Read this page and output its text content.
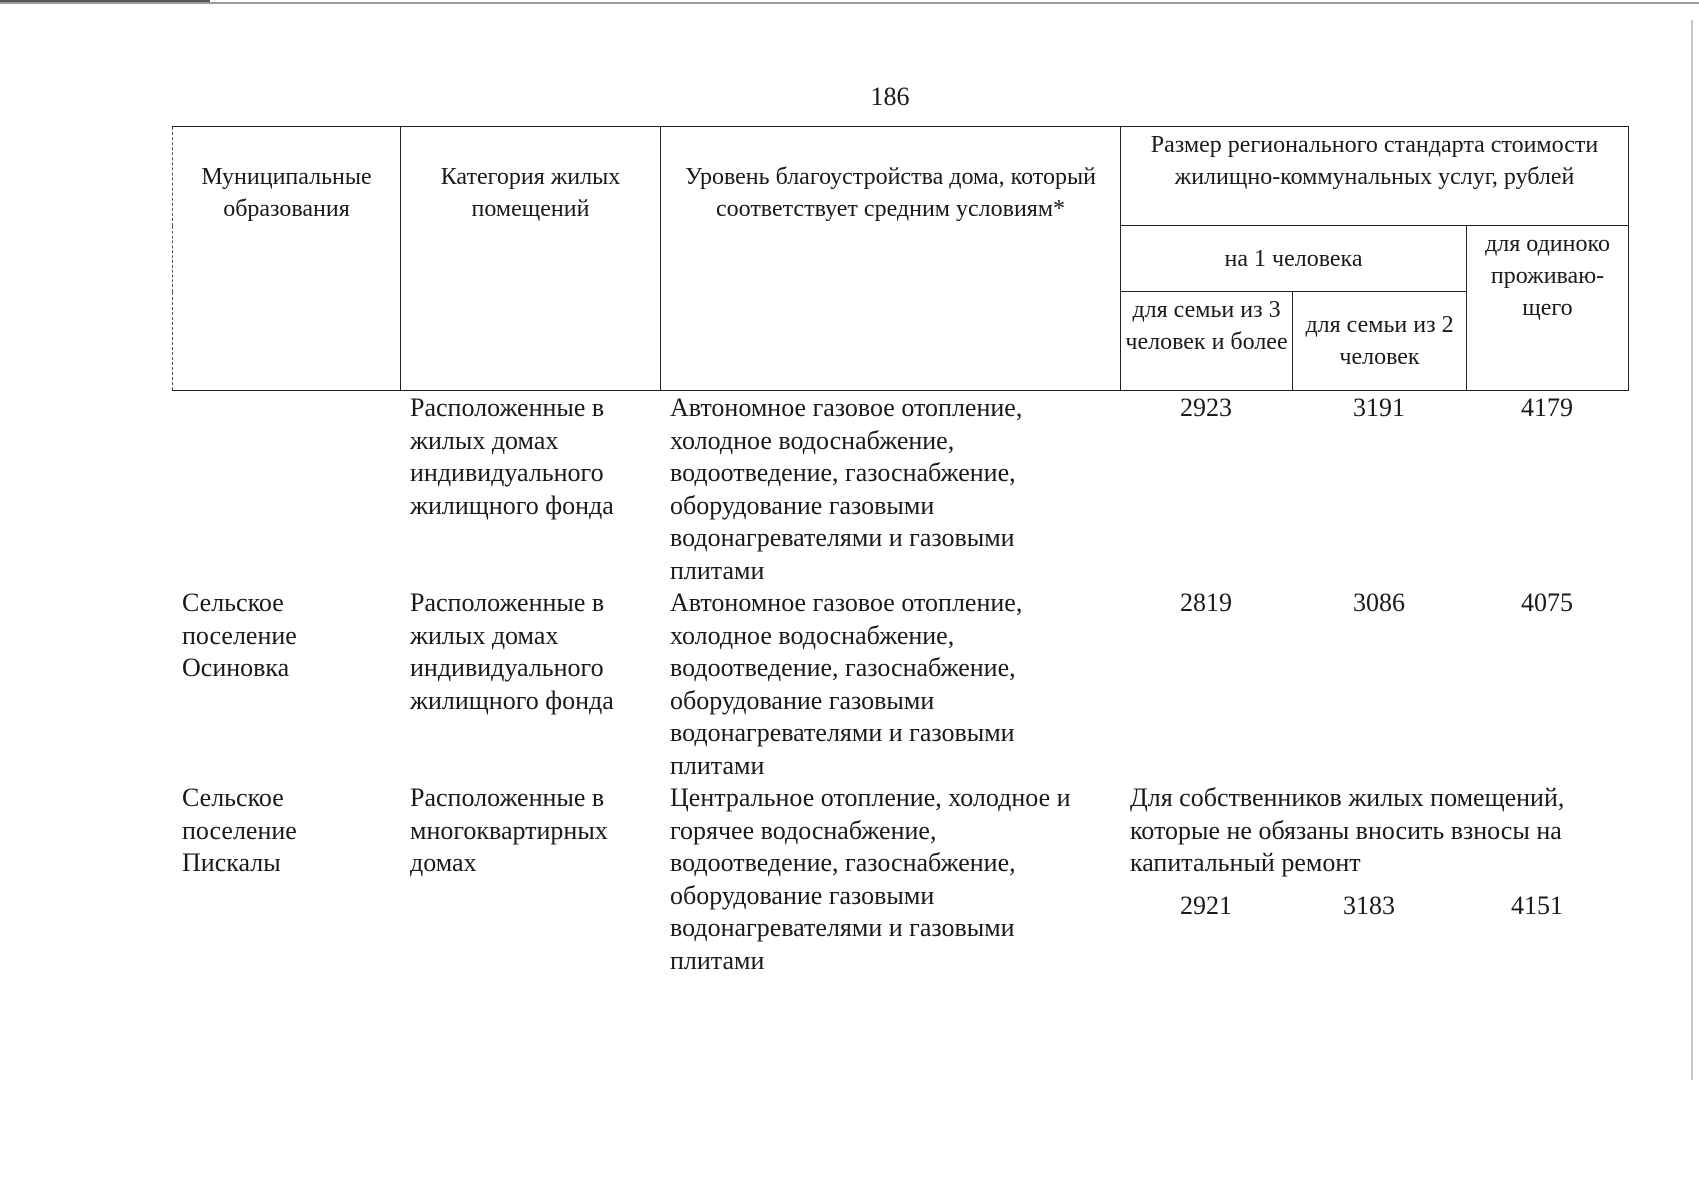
186
Муниципальные образования	Категория жилых помещений	Уровень благоустройства дома, который соответствует средним условиям*	Размер регионального стандарта стоимости жилищно-коммунальных услуг, рублей		
			на 1 человека		для одиноко проживаю-щего
			для семьи из 3 человек и более	для семьи из 2 человек	
	Расположенные в жилых домах индивидуального жилищного фонда	Автономное газовое отопление, холодное водоснабжение, водоотведение, газоснабжение, оборудование газовыми водонагревателями и газовыми плитами	2923	3191	4179
Сельское поселение Осиновка	Расположенные в жилых домах индивидуального жилищного фонда	Автономное газовое отопление, холодное водоснабжение, водоотведение, газоснабжение, оборудование газовыми водонагревателями и газовыми плитами	2819	3086	4075
Сельское поселение Пискалы	Расположенные в многоквартирных домах	Центральное отопление, холодное и горячее водоснабжение, водоотведение, газоснабжение, оборудование газовыми водонагревателями и газовыми плитами	Для собственников жилых помещений, которые не обязаны вносить взносы на капитальный ремонт
2921 3183 4151		
